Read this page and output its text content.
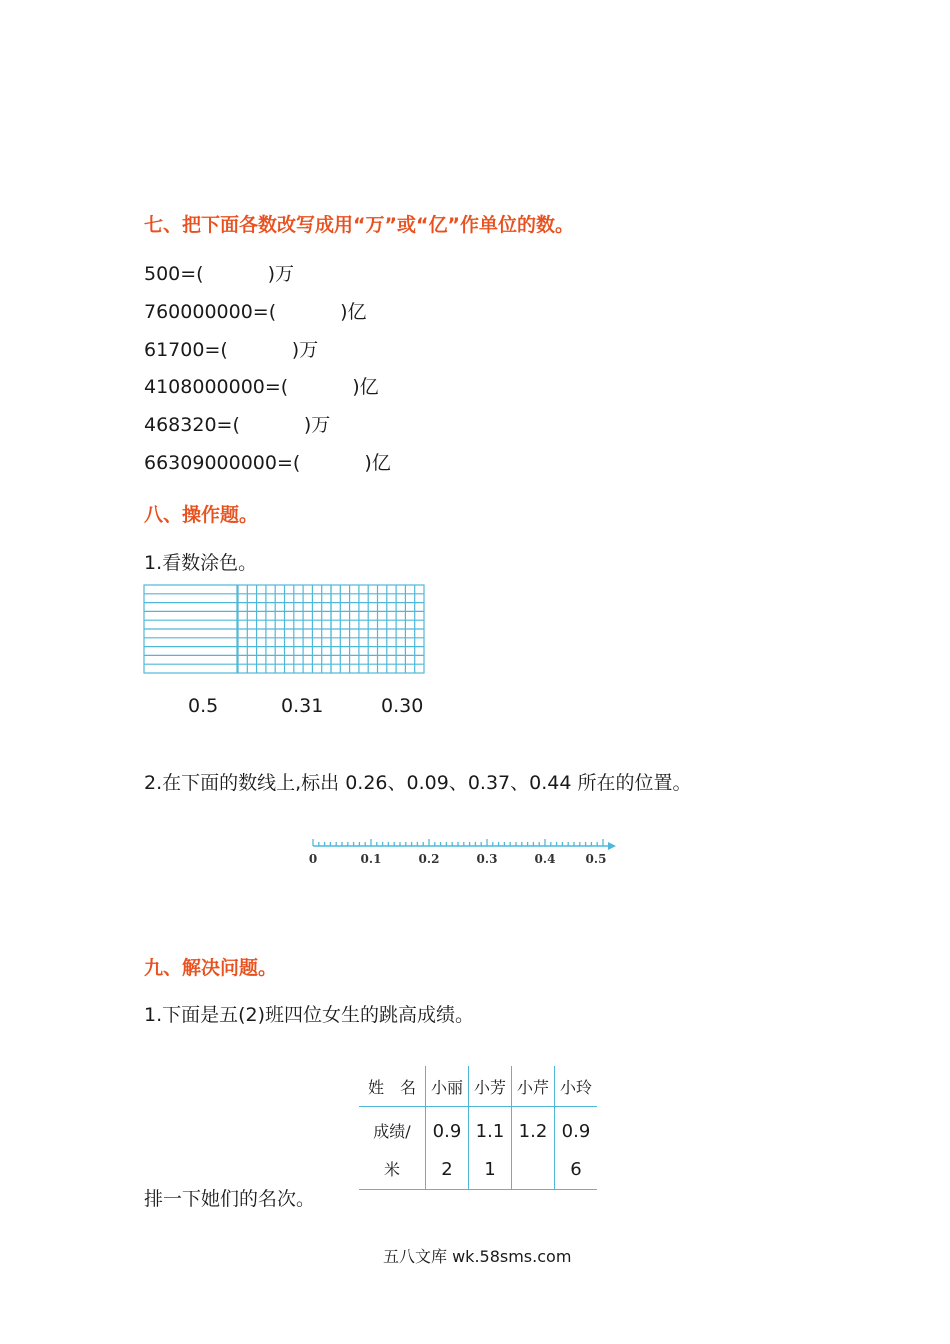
七、把下面各数改写成用“万”或“亿”作单位的数。
500=(	)万
760000000=(	)亿
61700=(	)万
4108000000=(	)亿
468320=(	)万
66309000000=(	)亿
八、操作题。
1.看数涂色。
0.5	0.31	0.30
2.在下面的数线上,标出 0.26、0.09、0.37、0.44 所在的位置。
0	0.1	0.2	0.3	0.4	0.5
九、解决问题。
1.下面是五(2)班四位女生的跳高成绩。
姓　名	小丽	小芳	小芹	小玲
成绩/米	0.92	1.11	1.2	0.96
排一下她们的名次。
五八文库 wk.58sms.com
